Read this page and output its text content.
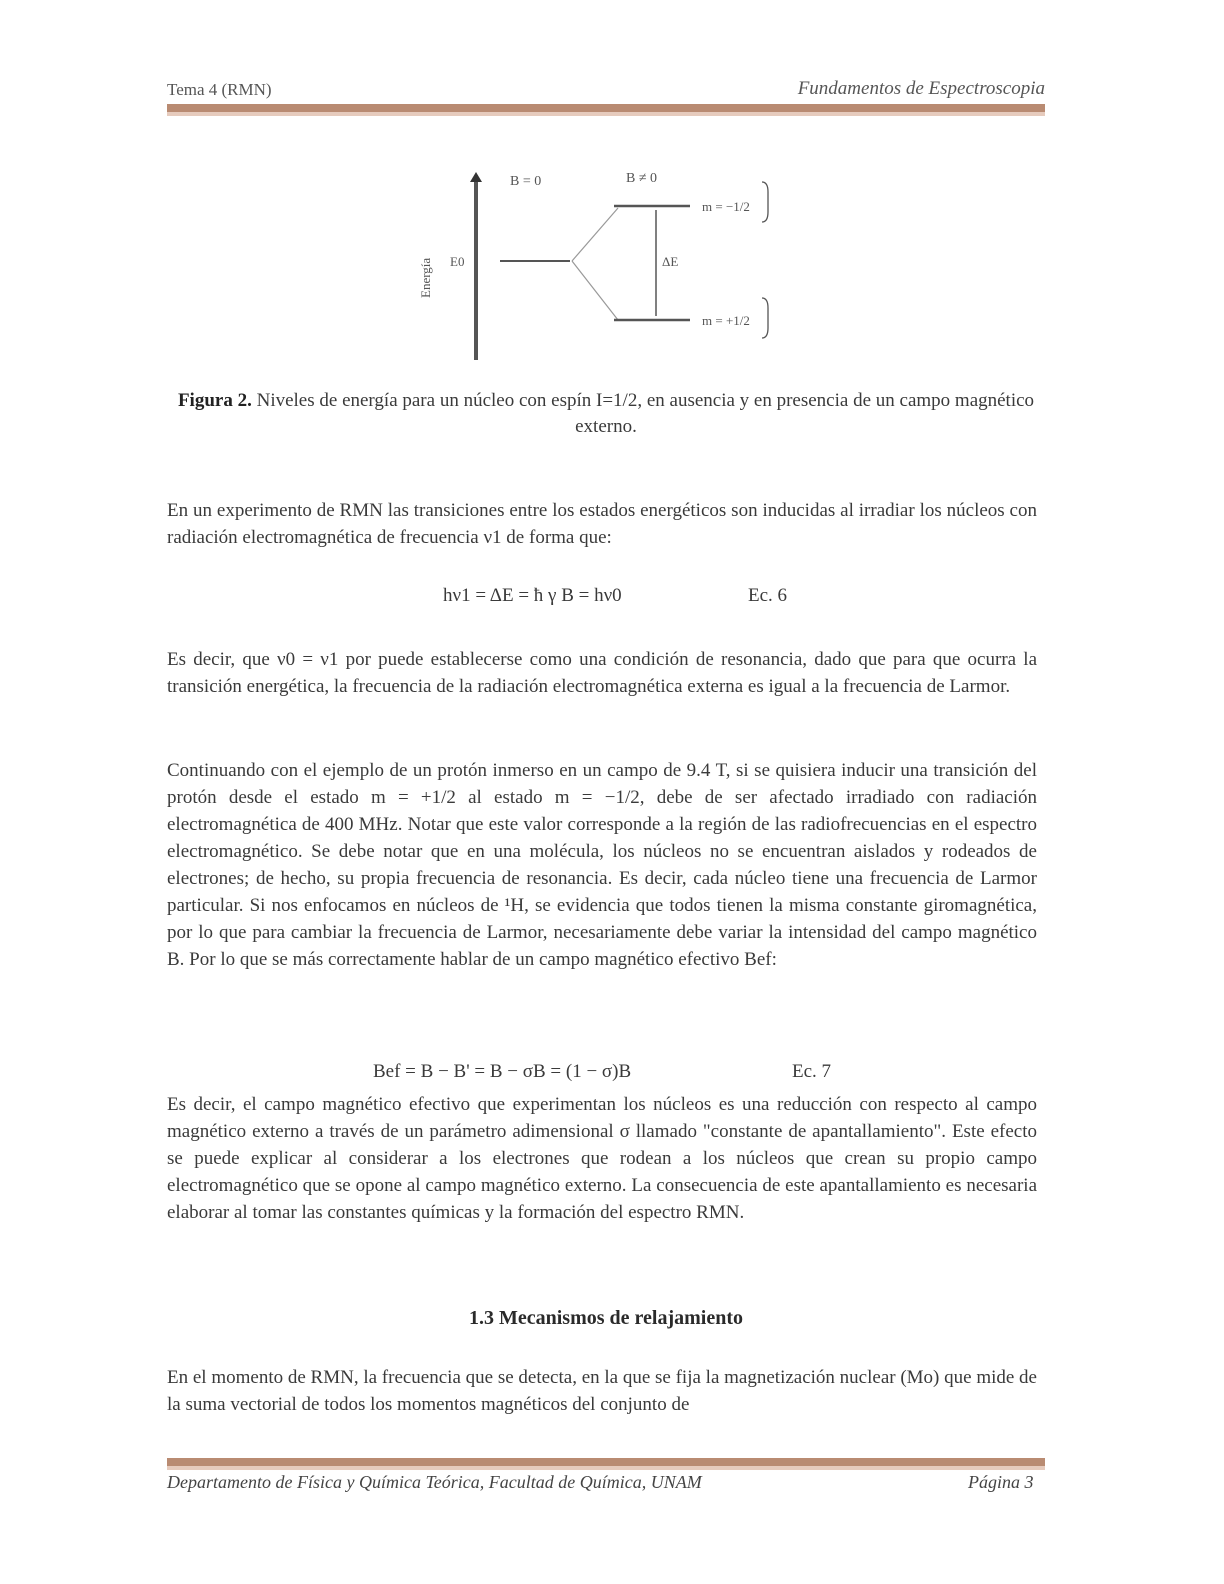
Tema 4 (RMN)	Fundamentos de Espectroscopia
B = 0	B ≠ 0
Energía E0	ΔE
m = −1/2
m = +1/2
Figura 2. Niveles de energía para un núcleo con espín I=1/2, en ausencia y en presencia de un campo magnético externo.

En un experimento de RMN las transiciones entre los estados energéticos son inducidas al irradiar los núcleos con radiación electromagnética de frecuencia ν1 de forma que:

hν1 = ΔE = ħ γ B = hν0	Ec. 6

Es decir, que ν0 = ν1 por puede establecerse como una condición de resonancia, dado que para que ocurra la transición energética, la frecuencia de la radiación electromagnética externa es igual a la frecuencia de Larmor.

Continuando con el ejemplo de un protón inmerso en un campo de 9.4 T, si se quisiera inducir una transición del protón desde el estado m = +1/2 al estado m = −1/2, debe de ser afectado irradiado con radiación electromagnética de 400 MHz. Notar que este valor corresponde a la región de las radiofrecuencias en el espectro electromagnético. Se debe notar que en una molécula, los núcleos no se encuentran aislados y rodeados de electrones; de hecho, su propia frecuencia de resonancia. Es decir, cada núcleo tiene una frecuencia de Larmor particular. Si nos enfocamos en núcleos de ¹H, se evidencia que todos tienen la misma constante giromagnética, por lo que para cambiar la frecuencia de Larmor, necesariamente debe variar la intensidad del campo magnético B. Por lo que se más correctamente hablar de un campo magnético efectivo Bef:

Bef = B − B' = B − σB = (1 − σ)B	Ec. 7

Es decir, el campo magnético efectivo que experimentan los núcleos es una reducción con respecto al campo magnético externo a través de un parámetro adimensional σ llamado "constante de apantallamiento". Este efecto se puede explicar al considerar a los electrones que rodean a los núcleos que crean su propio campo electromagnético que se opone al campo magnético externo. La consecuencia de este apantallamiento es necesaria elaborar al tomar las constantes químicas y la formación del espectro RMN.

1.3 Mecanismos de relajamiento

En el momento de RMN, la frecuencia que se detecta, en la que se fija la magnetización nuclear (Mo) que mide de la suma vectorial de todos los momentos magnéticos del conjunto de

Departamento de Física y Química Teórica, Facultad de Química, UNAM	Página 3
